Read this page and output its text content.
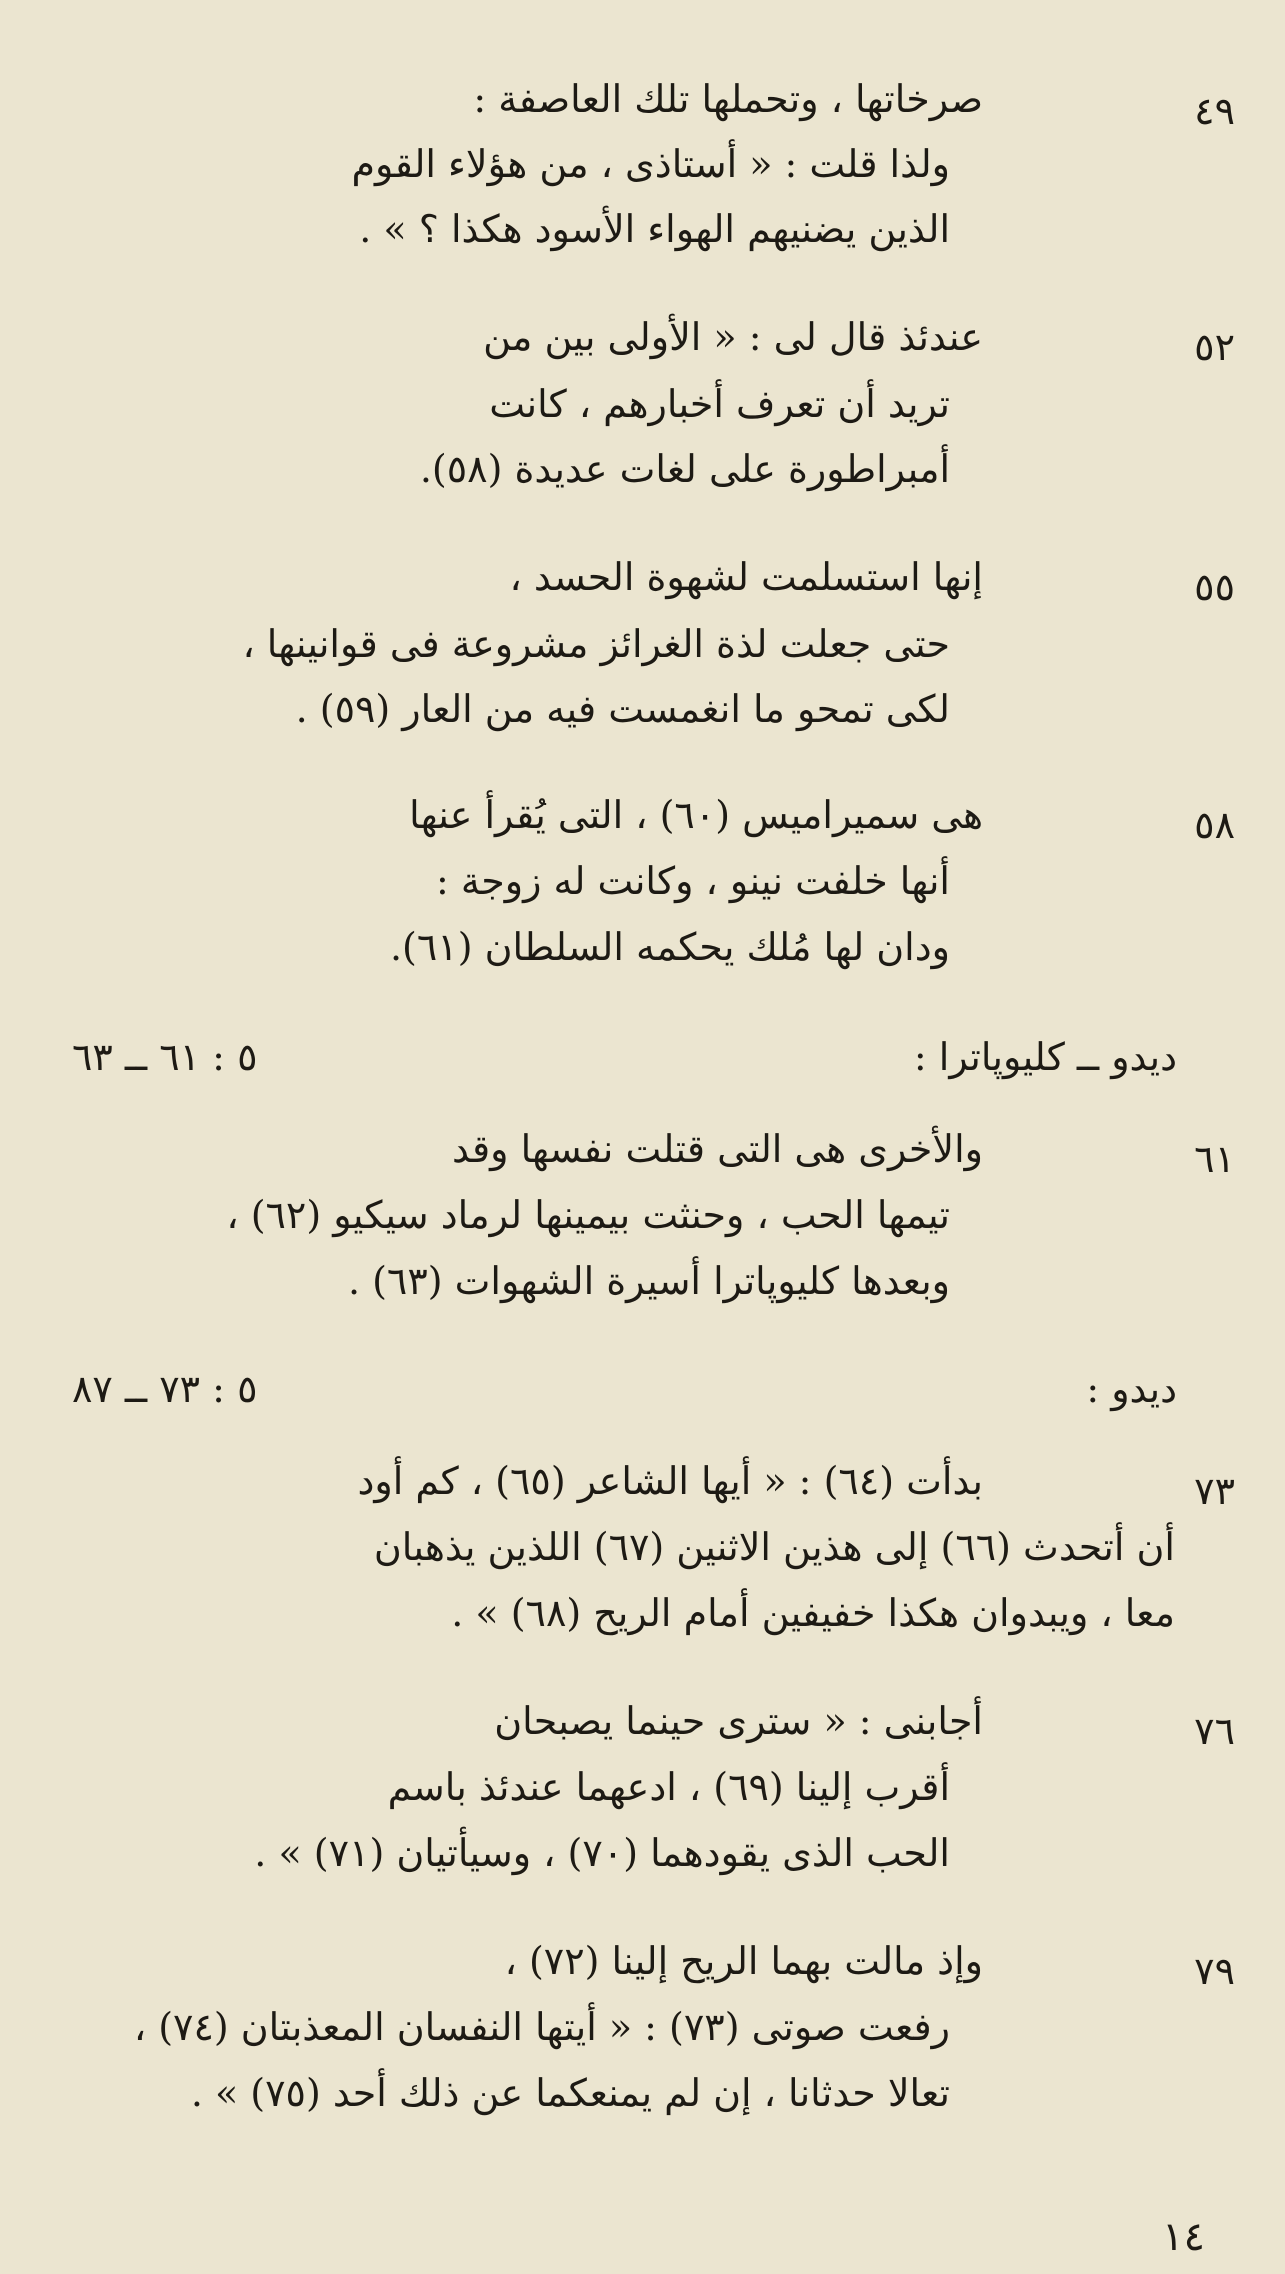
٤٩
صرخاتها ، وتحملها تلك العاصفة :
ولذا قلت : « أستاذى ، من هؤلاء القوم
الذين يضنيهم الهواء الأسود هكذا ؟ » .
٥٢
عندئذ قال لى : « الأولى بين من
تريد أن تعرف أخبارهم ، كانت
أمبراطورة على لغات عديدة (٥٨).
٥٥
إنها استسلمت لشهوة الحسد ،
حتى جعلت لذة الغرائز مشروعة فى قوانينها ،
لكى تمحو ما انغمست فيه من العار (٥٩) .
٥٨
هى سميراميس (٦٠) ، التى يُقرأ عنها
أنها خلفت نينو ، وكانت له زوجة :
ودان لها مُلك يحكمه السلطان (٦١).
ديدو ــ كليوپاترا :
٥ : ٦١ ــ ٦٣
٦١
والأخرى هى التى قتلت نفسها وقد
تيمها الحب ، وحنثت بيمينها لرماد سيكيو (٦٢) ،
وبعدها كليوپاترا أسيرة الشهوات (٦٣) .
ديدو :
٥ : ٧٣ ــ ٨٧
٧٣
بدأت (٦٤) : « أيها الشاعر (٦٥) ، كم أود
أن أتحدث (٦٦) إلى هذين الاثنين (٦٧) اللذين يذهبان
معا ، ويبدوان هكذا خفيفين أمام الريح (٦٨) » .
٧٦
أجابنى : « سترى حينما يصبحان
أقرب إلينا (٦٩) ، ادعهما عندئذ باسم
الحب الذى يقودهما (٧٠) ، وسيأتيان (٧١) » .
٧٩
وإذ مالت بهما الريح إلينا (٧٢) ،
رفعت صوتى (٧٣) : « أيتها النفسان المعذبتان (٧٤) ،
تعالا حدثانا ، إن لم يمنعكما عن ذلك أحد (٧٥) » .
١٤
